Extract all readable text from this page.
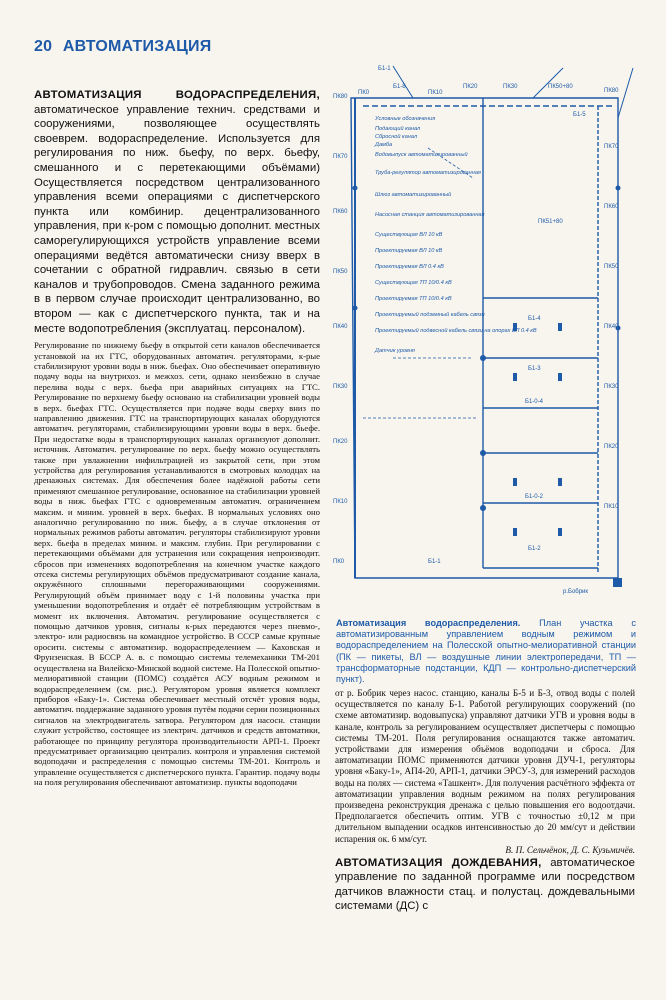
20 АВТОМАТИЗАЦИЯ

АВТОМАТИЗАЦИЯ ВОДОРАСПРЕДЕЛЕНИЯ, автоматическое управление технич. средствами и сооружениями, позволяющее осуществлять своеврем. водораспределение. Используется для регулирования по ниж. бьефу, по верх. бьефу, смешанного и с перетекающими объёмами) Осуществляется посредством централизованного управления всеми операциями с диспетчерского пункта или комбинир. децентрализованного управления, при к-ром с помощью дополнит. местных саморегулирующихся устройств управление всеми операциями ведётся автоматически снизу вверх в сочетании с обратной гидравлич. связью в сети каналов и трубопроводов. Смена заданного режима в в первом случае происходит централизованно, во втором — как с диспетчерского пункта, так и на месте водопотребления (эксплуатац. персоналом).

Регулирование по нижнему бьефу в открытой сети каналов обеспечивается установкой на их ГТС, оборудованных автоматич. регуляторами, к-рые стабилизируют уровни воды в ниж. бьефах. Оно обеспечивает оперативную подачу воды на внутрихоз. и межхоз. сети, однако неизбежно в случае перелива воды с верх. бьефа при аварийных ситуациях на ГТС. Регулирование по верхнему бьефу основано на стабилизации уровней воды в верх. бьефах ГТС. Осуществляется при подаче воды сверху вниз по направлению движения. ГТС на транспортирующих каналах оборудуются автоматич. регуляторами, стабилизирующими уровни воды в верх. бьефе. При недостатке воды в транспортирующих каналах организуют дополнит. источник. Автоматич. регулирование по верх. бьефу можно осуществлять также при увлажнении инфильтрацией из закрытой сети, при этом устройства для регулирования устанавливаются в смотровых колодцах на дренажных системах. Для обеспечения более надёжной работы сети применяют смешанное регулирование, основанное на стабилизации уровней воды в ниж. бьефах ГТС с одновременным автоматич. ограничением максим. и миним. уровней в верх. бьефах. В нормальных условиях оно аналогично регулированию по ниж. бьефу, а в случае отклонения от нормальных режимов работы автоматич. регуляторы стабилизируют уровни верх. бьефа в пределах миним. и максим. глубин. При регулировании с перетекающими объёмами для устранения или сокращения непроизводит. сбросов при изменениях водопотребления на конечном участке каждого отсека системы регулирующих объёмов предусматривают создание канала, окружённого сплошными перегораживающими сооружениями. Регулирующий объём принимает воду с 1-й половины участка при уменьшении водопотребления и отдаёт её потребляющим устройствам в момент их включения. Автоматич. регулирование осуществляется с помощью датчиков уровня, сигналы к-рых передаются через пневмо-, электро- или радиосвязь на командное устройство. В СССР самые крупные ороситн. системы с автоматизир. водораспределением — Каховская и Фрунзенская. В БССР А. в. с помощью системы телемеханики ТМ-201 осуществлена на Вилейско-Минской водной системе. На Полесской опытно-мелиоративной станции (ПОМС) создаётся АСУ водным режимом и водораспределением (см. рис.). Регулятором уровня является комплект приборов «Баку-1». Система обеспечивает местный отсчёт уровня воды, автоматич. поддержание заданного уровня путём подачи серии позиционных сигналов на электродвигатель затвора. Регулятором для насосн. станции служит устройство, состоящее из электрич. датчиков и средств автоматики, работающее по принципу регулятора производительности АРП-1. Проект предусматривает организацию централиз. контроля и управления системой водоподачи и распределения с помощью системы ТМ-201. Контроль и управление осуществляется с диспетчерского пункта. Гарантир. подачу воды на поля регулирования обеспечивают автоматизир. пункты водоподачи

Условные обозначения
Подающий канал
Сбросной канал
Дамба
Водовыпуск автоматизированный
Труба-регулятор автоматизированная
Шлюз автоматизированный
Насосная станция автоматизированная
Существующая ВЛ 10 кВ
Проектируемая ВЛ 10 кВ
Проектируемая ВЛ 0.4 кВ
Существующая ТП 10/0.4 кВ
Проектируемая ТП 10/0.4 кВ
Проектируемый подземный кабель связи
Проектируемый подвесной кабель связи на опорах ВЛ 0.4 кВ
Датчик уровня
ПК80
ПК70
ПК60
ПК50
ПК40
ПК30
ПК20
ПК10
ПК0
ПК80
ПК70
ПК60
ПК50
ПК40
ПК30
ПК20
ПК10
ПК0	ПК10
ПК20	ПК30	ПК50+80
Б1-8
Б1-1
Б1-4
Б1-3
Б1-0-4
Б1-0-2
Б1-2
Б1-5
Б1-1
ПК51+80
р.Бобрик
Автоматизация водораспределения. План участка с автоматизированным управлением водным режимом и водораспределением на Полесской опытно-мелиоративной станции (ПК — пикеты, ВЛ — воздушные линии электропередачи, ТП — трансформаторные подстанции, КДП — контрольно-диспетчерский пункт).

от р. Бобрик через насос. станцию, каналы Б-5 и Б-3, отвод воды с полей осуществляется по каналу Б-1. Работой регулирующих сооружений (по схеме автоматизир. водовыпуска) управляют датчики УГВ и уровня воды в канале, контроль за регулированием осуществляет диспетчеры с помощью системы ТМ-201. Поля регулирования оснащаются также автоматич. устройствами для измерения объёмов водоподачи и сброса. Для автоматизации ПОМС применяются датчики уровня ДУЧ-1, регуляторы уровня «Баку-1», АП4-20, АРП-1, датчики ЭРСУ-3, для измерений расходов воды на полях — система «Ташкент». Для получения расчётного эффекта от автоматизации управления водным режимом на полях регулирования произведена реконструкция дренажа с целью повышения его водоотдачи. Предполагается обеспечить оптим. УГВ с точностью ±0,12 м при длительном выпадении осадков интенсивностью до 20 мм/сут и действии испарения ок. 6 мм/сут.

В. П. Сельчёнок, Д. С. Кузьмичёв.

АВТОМАТИЗАЦИЯ ДОЖДЕВАНИЯ, автоматическое управление по заданной программе или посредством датчиков влажности стац. и полустац. дождевальными системами (ДС) с
